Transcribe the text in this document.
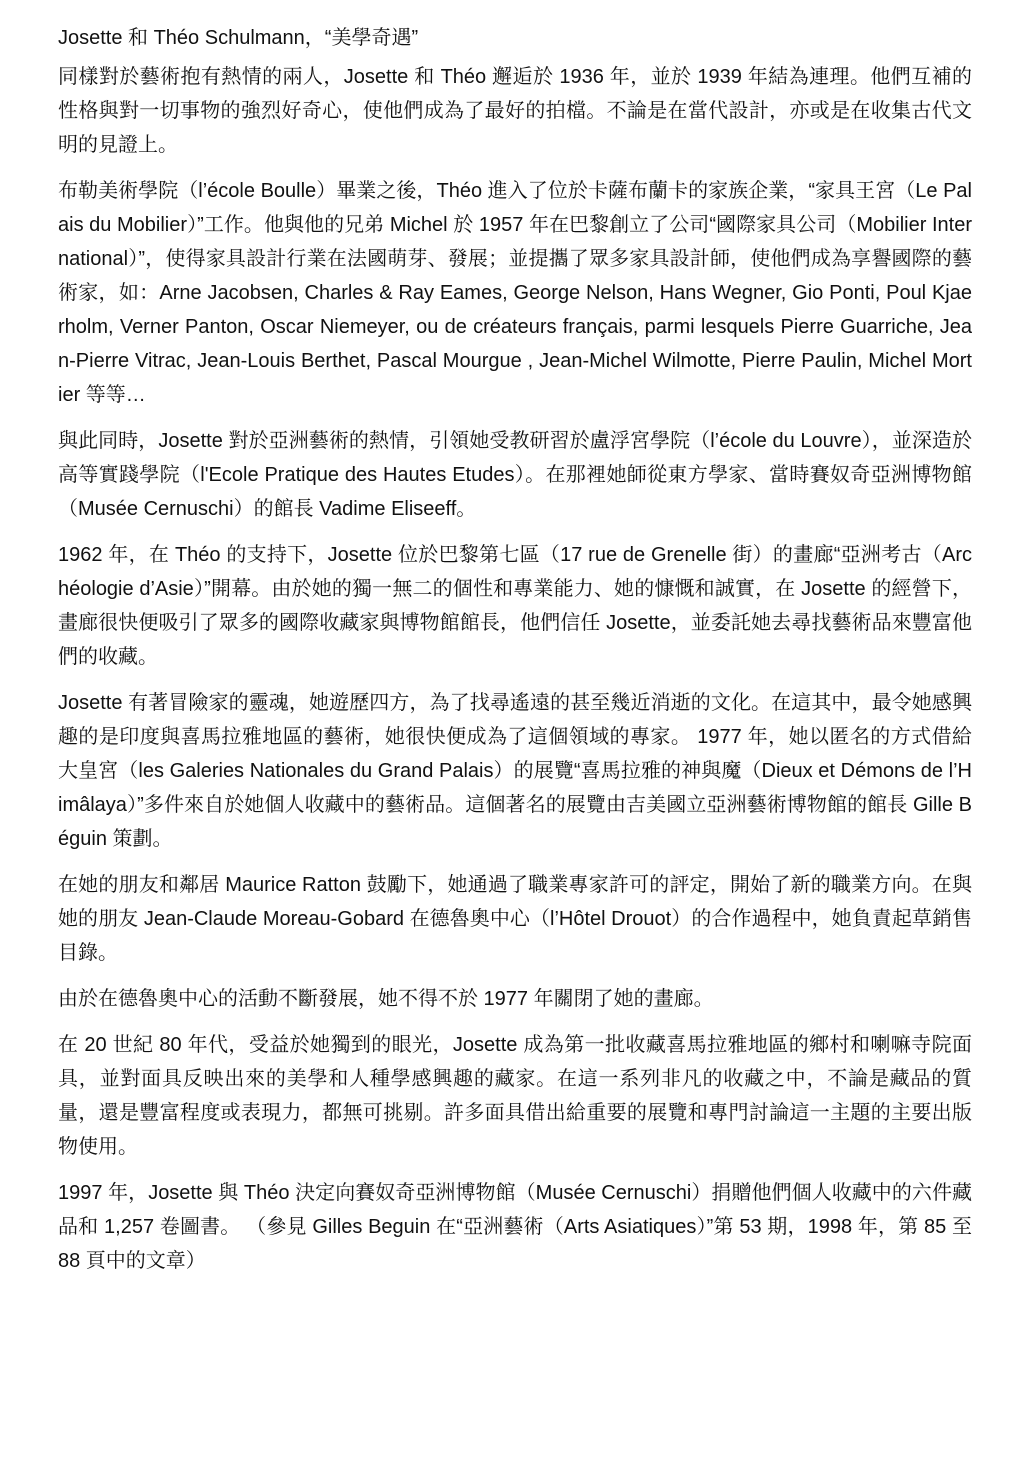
Josette 和 Théo Schulmann，“美學奇遇”

同樣對於藝術抱有熱情的兩人，Josette 和 Théo 邂逅於 1936 年，並於 1939 年結為連理。他們互補的性格與對一切事物的強烈好奇心，使他們成為了最好的拍檔。不論是在當代設計，亦或是在收集古代文明的見證上。

布勒美術學院（l’école Boulle）畢業之後，Théo 進入了位於卡薩布蘭卡的家族企業，“家具王宮（Le Palais du Mobilier）”工作。他與他的兄弟 Michel 於 1957 年在巴黎創立了公司“國際家具公司（Mobilier International）”，使得家具設計行業在法國萌芽、發展；並提攜了眾多家具設計師，使他們成為享譽國際的藝術家，如：Arne Jacobsen, Charles & Ray Eames, George Nelson, Hans Wegner, Gio Ponti, Poul Kjaerholm, Verner Panton, Oscar Niemeyer, ou de créateurs français, parmi lesquels Pierre Guarriche, Jean-Pierre Vitrac, Jean-Louis Berthet, Pascal Mourgue , Jean-Michel Wilmotte, Pierre Paulin, Michel Mortier 等等…

與此同時，Josette 對於亞洲藝術的熱情，引領她受教研習於盧浮宮學院（l’école du Louvre），並深造於高等實踐學院（l'Ecole Pratique des Hautes Etudes）。在那裡她師從東方學家、當時賽奴奇亞洲博物館（Musée Cernuschi）的館長 Vadime Eliseeff。

1962 年，在 Théo 的支持下，Josette 位於巴黎第七區（17 rue de Grenelle 街）的畫廊“亞洲考古（Archéologie d’Asie）”開幕。由於她的獨一無二的個性和專業能力、她的慷慨和誠實，在 Josette 的經營下，畫廊很快便吸引了眾多的國際收藏家與博物館館長，他們信任 Josette，並委託她去尋找藝術品來豐富他們的收藏。

Josette 有著冒險家的靈魂，她遊歷四方，為了找尋遙遠的甚至幾近消逝的文化。在這其中，最令她感興趣的是印度與喜馬拉雅地區的藝術，她很快便成為了這個領域的專家。 1977 年，她以匿名的方式借給大皇宮（les Galeries Nationales du Grand Palais）的展覽“喜馬拉雅的神與魔（Dieux et Démons de l’Himâlaya）”多件來自於她個人收藏中的藝術品。這個著名的展覽由吉美國立亞洲藝術博物館的館長 Gille Béguin 策劃。

在她的朋友和鄰居 Maurice Ratton 鼓勵下，她通過了職業專家許可的評定，開始了新的職業方向。在與她的朋友 Jean-Claude Moreau-Gobard 在德魯奧中心（l’Hôtel Drouot）的合作過程中，她負責起草銷售目錄。

由於在德魯奧中心的活動不斷發展，她不得不於 1977 年關閉了她的畫廊。

在 20 世紀 80 年代，受益於她獨到的眼光，Josette 成為第一批收藏喜馬拉雅地區的鄉村和喇嘛寺院面具，並對面具反映出來的美學和人種學感興趣的藏家。在這一系列非凡的收藏之中，不論是藏品的質量，還是豐富程度或表現力，都無可挑剔。許多面具借出給重要的展覽和專門討論這一主題的主要出版物使用。

1997 年，Josette 與 Théo 決定向賽奴奇亞洲博物館（Musée Cernuschi）捐贈他們個人收藏中的六件藏品和 1,257 卷圖書。 （參見 Gilles Beguin 在“亞洲藝術（Arts Asiatiques）”第 53 期，1998 年，第 85 至 88 頁中的文章）
